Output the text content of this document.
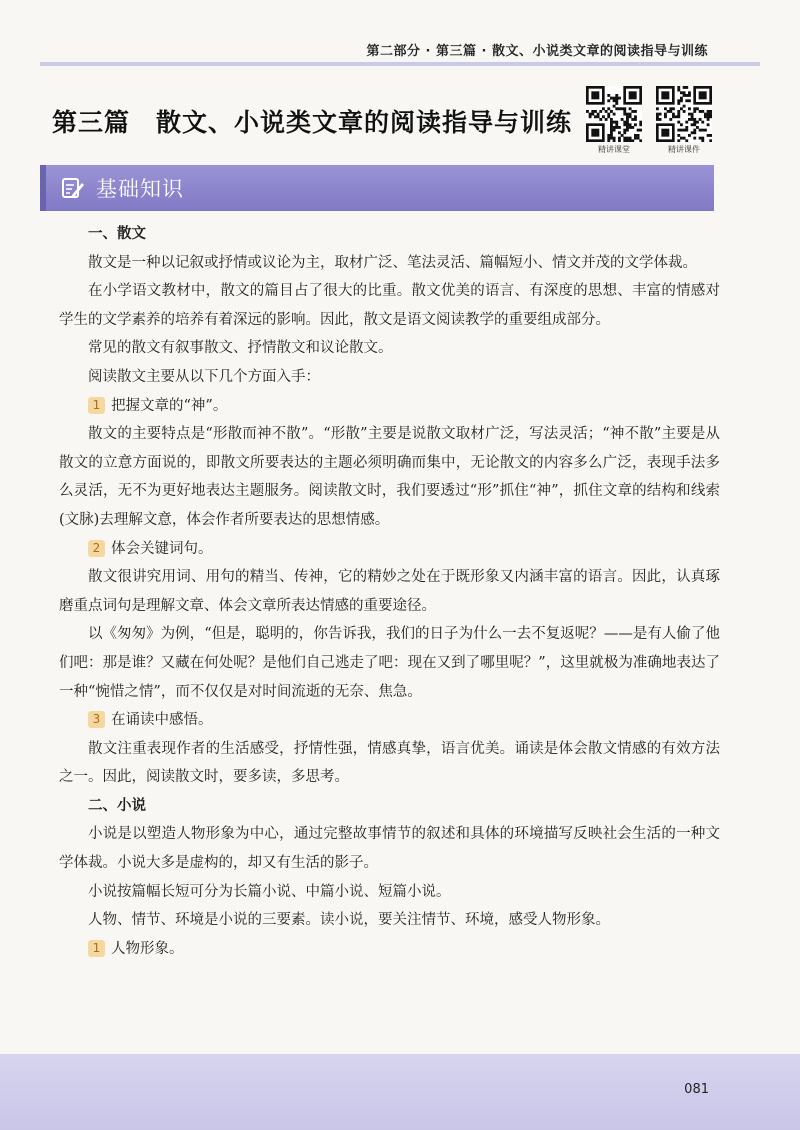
第二部分 · 第三篇 · 散文、小说类文章的阅读指导与训练
第三篇　散文、小说类文章的阅读指导与训练
精讲课堂	精讲课件
基础知识

一、散文

散文是一种以记叙或抒情或议论为主，取材广泛、笔法灵活、篇幅短小、情文并茂的文学体裁。

在小学语文教材中，散文的篇目占了很大的比重。散文优美的语言、有深度的思想、丰富的情感对学生的文学素养的培养有着深远的影响。因此，散文是语文阅读教学的重要组成部分。

常见的散文有叙事散文、抒情散文和议论散文。

阅读散文主要从以下几个方面入手：

1 把握文章的“神”。

散文的主要特点是“形散而神不散”。“形散”主要是说散文取材广泛，写法灵活；“神不散”主要是从散文的立意方面说的，即散文所要表达的主题必须明确而集中，无论散文的内容多么广泛，表现手法多么灵活，无不为更好地表达主题服务。阅读散文时，我们要透过“形”抓住“神”，抓住文章的结构和线索(文脉)去理解文意，体会作者所要表达的思想情感。

2 体会关键词句。

散文很讲究用词、用句的精当、传神，它的精妙之处在于既形象又内涵丰富的语言。因此，认真琢磨重点词句是理解文章、体会文章所表达情感的重要途径。

以《匆匆》为例，“但是，聪明的，你告诉我，我们的日子为什么一去不复返呢？——是有人偷了他们吧：那是谁？又藏在何处呢？是他们自己逃走了吧：现在又到了哪里呢？”，这里就极为准确地表达了一种“惋惜之情”，而不仅仅是对时间流逝的无奈、焦急。

3 在诵读中感悟。

散文注重表现作者的生活感受，抒情性强，情感真挚，语言优美。诵读是体会散文情感的有效方法之一。因此，阅读散文时，要多读，多思考。

二、小说

小说是以塑造人物形象为中心，通过完整故事情节的叙述和具体的环境描写反映社会生活的一种文学体裁。小说大多是虚构的，却又有生活的影子。

小说按篇幅长短可分为长篇小说、中篇小说、短篇小说。

人物、情节、环境是小说的三要素。读小说，要关注情节、环境，感受人物形象。

1 人物形象。

081
